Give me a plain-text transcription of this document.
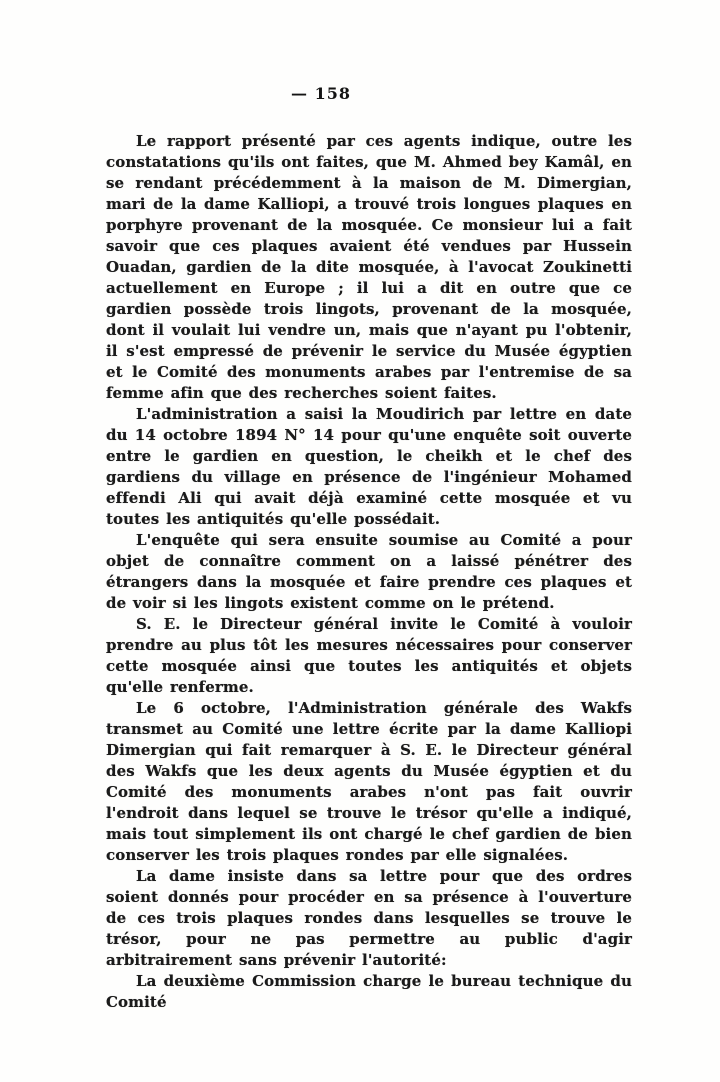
— 158

Le rapport présenté par ces agents indique, outre les constatations qu'ils ont faites, que M. Ahmed bey Kamâl, en se rendant précédemment à la maison de M. Dimergian, mari de la dame Kalliopi, a trouvé trois longues plaques en porphyre provenant de la mosquée. Ce monsieur lui a fait savoir que ces plaques avaient été vendues par Hussein Ouadan, gardien de la dite mosquée, à l'avocat Zoukinetti actuellement en Europe ; il lui a dit en outre que ce gardien possède trois lingots, provenant de la mosquée, dont il voulait lui vendre un, mais que n'ayant pu l'obtenir, il s'est empressé de prévenir le service du Musée égyptien et le Comité des monuments arabes par l'entremise de sa femme afin que des recherches soient faites.

L'administration a saisi la Moudirich par lettre en date du 14 octobre 1894 N° 14 pour qu'une enquête soit ouverte entre le gardien en question, le cheikh et le chef des gardiens du village en présence de l'ingénieur Mohamed effendi Ali qui avait déjà examiné cette mosquée et vu toutes les antiquités qu'elle possédait.

L'enquête qui sera ensuite soumise au Comité a pour objet de connaître comment on a laissé pénétrer des étrangers dans la mosquée et faire prendre ces plaques et de voir si les lingots existent comme on le prétend.

S. E. le Directeur général invite le Comité à vouloir prendre au plus tôt les mesures nécessaires pour conserver cette mosquée ainsi que toutes les antiquités et objets qu'elle renferme.

Le 6 octobre, l'Administration générale des Wakfs transmet au Comité une lettre écrite par la dame Kalliopi Dimergian qui fait remarquer à S. E. le Directeur général des Wakfs que les deux agents du Musée égyptien et du Comité des monuments arabes n'ont pas fait ouvrir l'endroit dans lequel se trouve le trésor qu'elle a indiqué, mais tout simplement ils ont chargé le chef gardien de bien conserver les trois plaques rondes par elle signalées.

La dame insiste dans sa lettre pour que des ordres soient donnés pour procéder en sa présence à l'ouverture de ces trois plaques rondes dans lesquelles se trouve le trésor, pour ne pas permettre au public d'agir arbitrairement sans prévenir l'autorité:

La deuxième Commission charge le bureau technique du Comité
